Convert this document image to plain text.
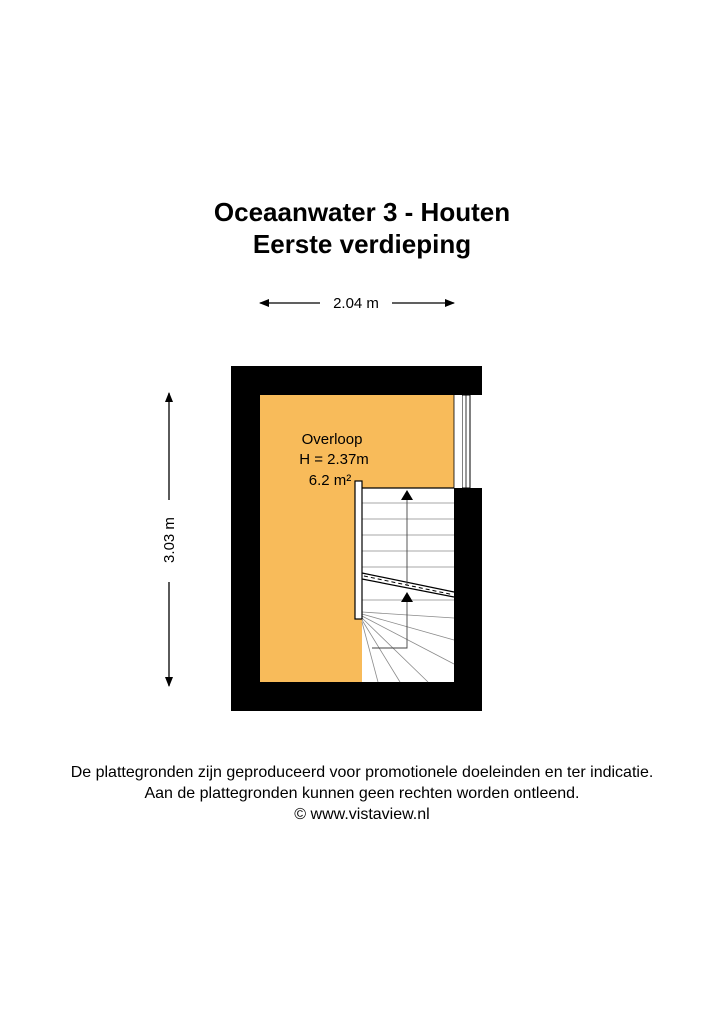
Oceaanwater 3 - Houten
Eerste verdieping
2.04 m
3.03 m
Overloop
H = 2.37m
6.2 m²
De plattegronden zijn geproduceerd voor promotionele doeleinden en ter indicatie.
Aan de plattegronden kunnen geen rechten worden ontleend.
© www.vistaview.nl
